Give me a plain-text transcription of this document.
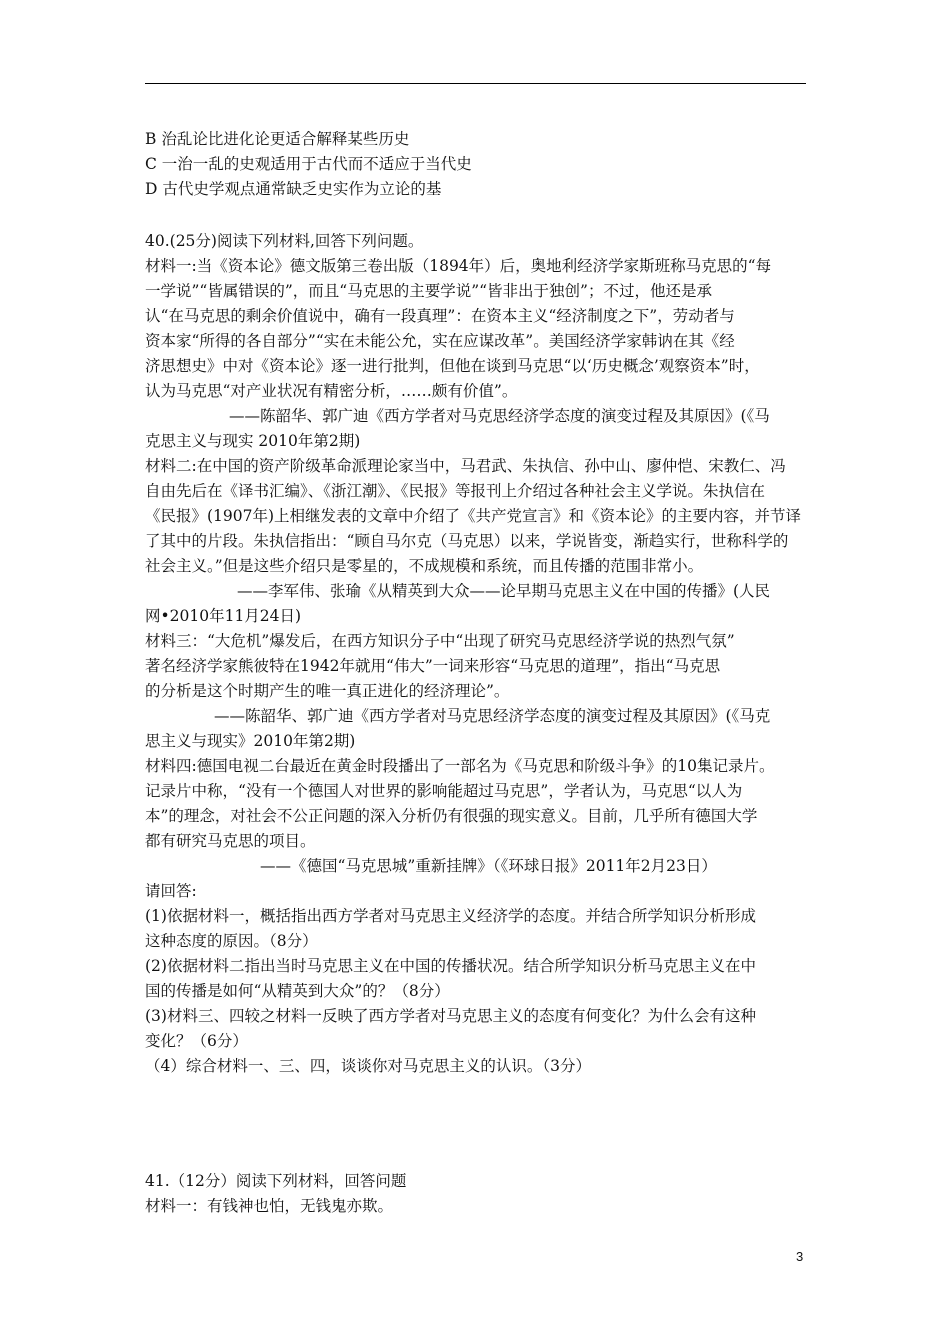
B 治乱论比进化论更适合解释某些历史
C 一治一乱的史观适用于古代而不适应于当代史
D 古代史学观点通常缺乏史实作为立论的基
40.(25分)阅读下列材料,回答下列问题。
材料一:当《资本论》德文版第三卷出版（1894年）后，奥地利经济学家斯班称马克思的“每
一学说”“皆属错误的”，而且“马克思的主要学说”“皆非出于独创”；不过，他还是承
认“在马克思的剩余价值说中，确有一段真理”：在资本主义“经济制度之下”，劳动者与
资本家“所得的各自部分”“实在未能公允，实在应谋改革”。美国经济学家韩讷在其《经
济思想史》中对《资本论》逐一进行批判，但他在谈到马克思“以‘历史概念’观察资本”时，
认为马克思“对产业状况有精密分析，……颇有价值”。
——陈韶华、郭广迪《西方学者对马克思经济学态度的演变过程及其原因》(《马
克思主义与现实 2010年第2期)
材料二:在中国的资产阶级革命派理论家当中，马君武、朱执信、孙中山、廖仲恺、宋教仁、冯
自由先后在《译书汇编》、《浙江潮》、《民报》等报刊上介绍过各种社会主义学说。朱执信在
《民报》(1907年)上相继发表的文章中介绍了《共产党宣言》和《资本论》的主要内容，并节译
了其中的片段。朱执信指出：“顾自马尔克（马克思）以来，学说皆变，渐趋实行，世称科学的
社会主义。”但是这些介绍只是零星的，不成规模和系统，而且传播的范围非常小。
——李军伟、张瑜《从精英到大众——论早期马克思主义在中国的传播》(人民
网•2010年11月24日)
材料三：“大危机”爆发后，在西方知识分子中“出现了研究马克思经济学说的热烈气氛”
著名经济学家熊彼特在1942年就用“伟大”一词来形容“马克思的道理”，指出“马克思
的分析是这个时期产生的唯一真正进化的经济理论”。
——陈韶华、郭广迪《西方学者对马克思经济学态度的演变过程及其原因》(《马克
思主义与现实》2010年第2期)
材料四:德国电视二台最近在黄金时段播出了一部名为《马克思和阶级斗争》的10集记录片。
记录片中称，“没有一个德国人对世界的影响能超过马克思”，学者认为，马克思“以人为
本”的理念，对社会不公正问题的深入分析仍有很强的现实意义。目前，几乎所有德国大学
都有研究马克思的项目。
——《德国“马克思城”重新挂牌》（《环球日报》2011年2月23日）
请回答:
(1)依据材料一，概括指出西方学者对马克思主义经济学的态度。并结合所学知识分析形成
这种态度的原因。（8分）
(2)依据材料二指出当时马克思主义在中国的传播状况。结合所学知识分析马克思主义在中
国的传播是如何“从精英到大众”的？（8分）
(3)材料三、四较之材料一反映了西方学者对马克思主义的态度有何变化？为什么会有这种
变化？（6分）
（4）综合材料一、三、四，谈谈你对马克思主义的认识。（3分）
41.（12分）阅读下列材料，回答问题
材料一：有钱神也怕，无钱鬼亦欺。
3
